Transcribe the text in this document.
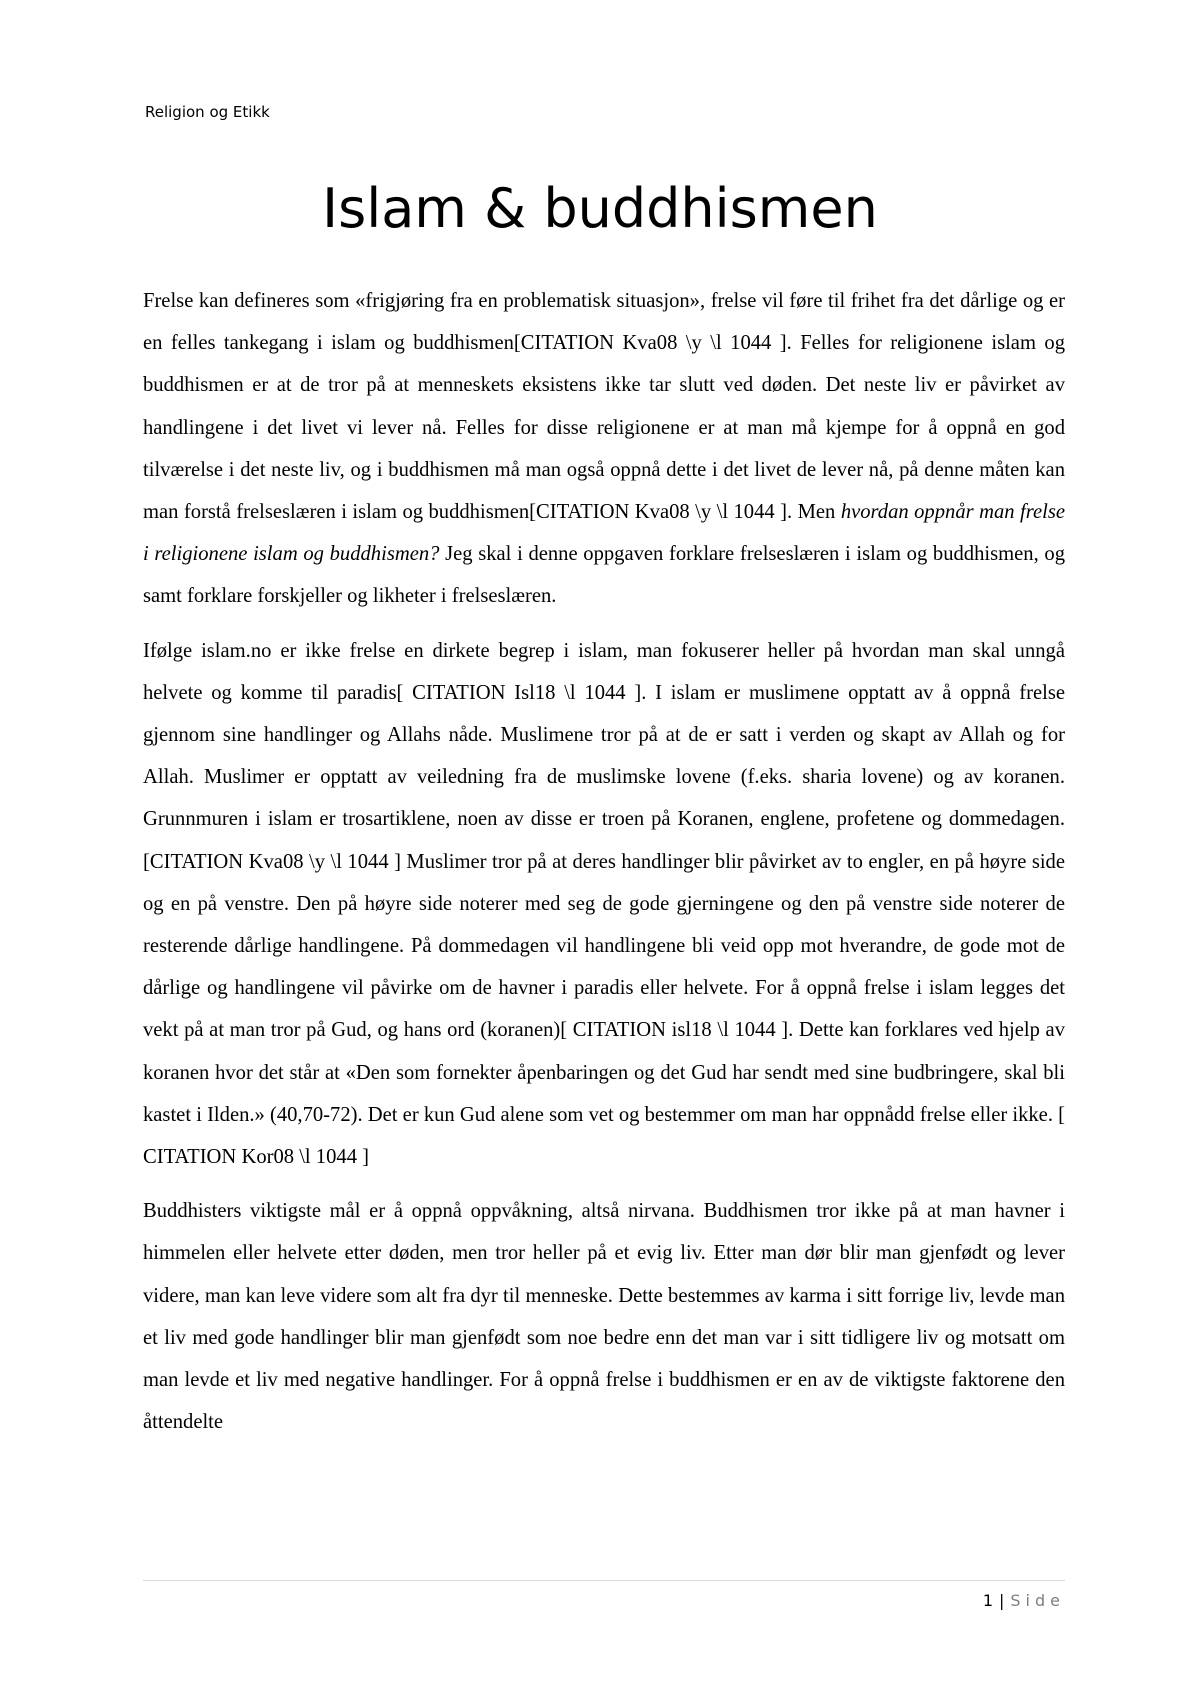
Religion og Etikk
Islam & buddhismen

Frelse kan defineres som «frigjøring fra en problematisk situasjon», frelse vil føre til frihet fra det dårlige og er en felles tankegang i islam og buddhismen[CITATION Kva08 \y \l 1044 ]. Felles for religionene islam og buddhismen er at de tror på at menneskets eksistens ikke tar slutt ved døden. Det neste liv er påvirket av handlingene i det livet vi lever nå. Felles for disse religionene er at man må kjempe for å oppnå en god tilværelse i det neste liv, og i buddhismen må man også oppnå dette i det livet de lever nå, på denne måten kan man forstå frelseslæren i islam og buddhismen[CITATION Kva08 \y \l 1044 ]. Men hvordan oppnår man frelse i religionene islam og buddhismen? Jeg skal i denne oppgaven forklare frelseslæren i islam og buddhismen, og samt forklare forskjeller og likheter i frelseslæren.

Ifølge islam.no er ikke frelse en dirkete begrep i islam, man fokuserer heller på hvordan man skal unngå helvete og komme til paradis[ CITATION Isl18 \l 1044 ]. I islam er muslimene opptatt av å oppnå frelse gjennom sine handlinger og Allahs nåde. Muslimene tror på at de er satt i verden og skapt av Allah og for Allah. Muslimer er opptatt av veiledning fra de muslimske lovene (f.eks. sharia lovene) og av koranen. Grunnmuren i islam er trosartiklene, noen av disse er troen på Koranen, englene, profetene og dommedagen.[CITATION Kva08 \y \l 1044 ] Muslimer tror på at deres handlinger blir påvirket av to engler, en på høyre side og en på venstre. Den på høyre side noterer med seg de gode gjerningene og den på venstre side noterer de resterende dårlige handlingene. På dommedagen vil handlingene bli veid opp mot hverandre, de gode mot de dårlige og handlingene vil påvirke om de havner i paradis eller helvete. For å oppnå frelse i islam legges det vekt på at man tror på Gud, og hans ord (koranen)[ CITATION isl18 \l 1044 ]. Dette kan forklares ved hjelp av koranen hvor det står at «Den som fornekter åpenbaringen og det Gud har sendt med sine budbringere, skal bli kastet i Ilden.» (40,70-72). Det er kun Gud alene som vet og bestemmer om man har oppnådd frelse eller ikke. [ CITATION Kor08 \l 1044 ]

Buddhisters viktigste mål er å oppnå oppvåkning, altså nirvana. Buddhismen tror ikke på at man havner i himmelen eller helvete etter døden, men tror heller på et evig liv. Etter man dør blir man gjenfødt og lever videre, man kan leve videre som alt fra dyr til menneske. Dette bestemmes av karma i sitt forrige liv, levde man et liv med gode handlinger blir man gjenfødt som noe bedre enn det man var i sitt tidligere liv og motsatt om man levde et liv med negative handlinger. For å oppnå frelse i buddhismen er en av de viktigste faktorene den åttendelte

1 | Side
